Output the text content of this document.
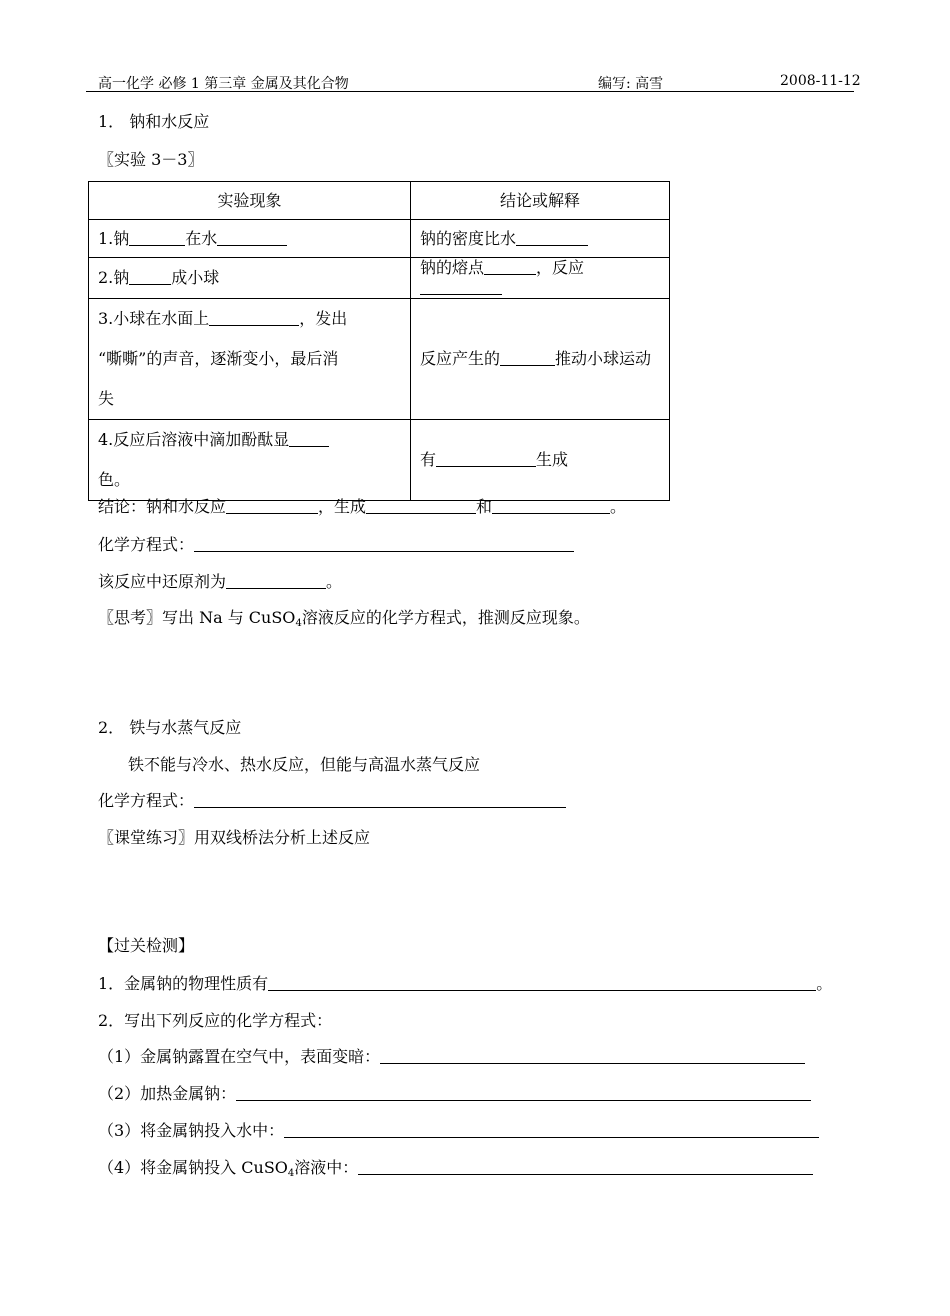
高一化学 必修 1 第三章 金属及其化合物	编写: 高雪	2008-11-12
1． 钠和水反应
〖实验 3－3〗
实验现象	结论或解释
1.钠 在水	钠的密度比水
2.钠 成小球	钠的熔点 ，反应

3.小球在水面上 ，发出
“嘶嘶”的声音，逐渐变小，最后消
失	反应产生的 推动小球运动

4.反应后溶液中滴加酚酞显
色。	有 生成
结论：钠和水反应	，生成	和	。
化学方程式：
该反应中还原剂为	。
〖思考〗写出 Na 与 CuSO$_4$溶液反应的化学方程式，推测反应现象。
2． 铁与水蒸气反应
铁不能与冷水、热水反应，但能与高温水蒸气反应
化学方程式：
〖课堂练习〗用双线桥法分析上述反应
【过关检测】
1．金属钠的物理性质有	。
2．写出下列反应的化学方程式：
（1）金属钠露置在空气中，表面变暗：
（2）加热金属钠：
（3）将金属钠投入水中：
（4）将金属钠投入 CuSO$_4$溶液中：
